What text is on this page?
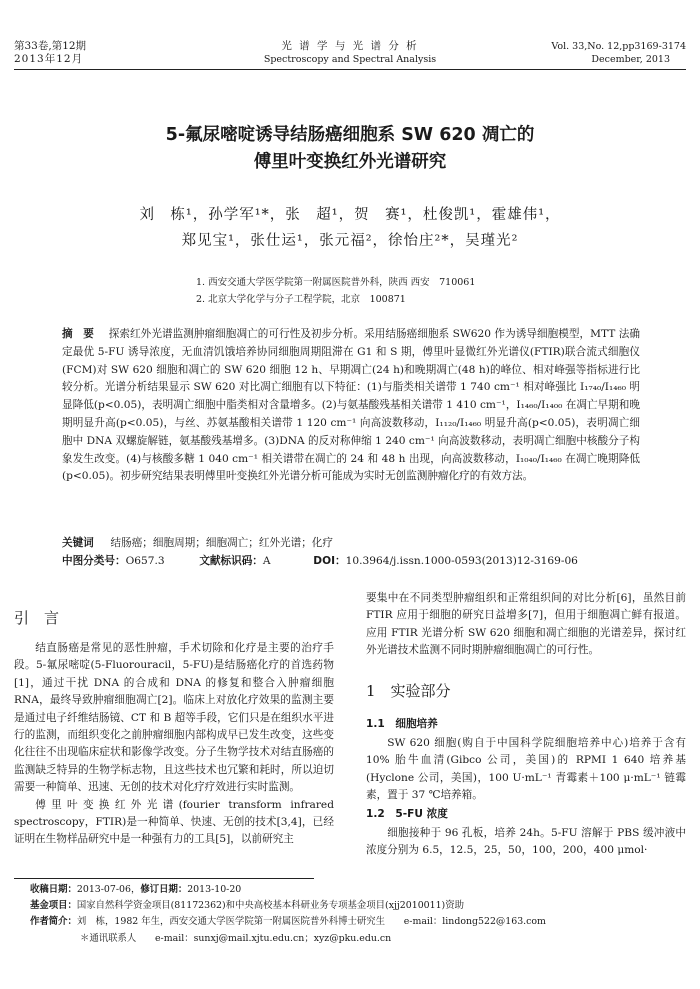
第33卷,第12期
2013年12月
光 谱 学 与 光 谱 分 析
Spectroscopy and Spectral Analysis
Vol. 33,No. 12,pp3169-3174
December, 2013
5-氟尿嘧啶诱导结肠癌细胞系 SW 620 凋亡的
傅里叶变换红外光谱研究
刘　栋¹，孙学军¹*，张　超¹，贺　赛¹，杜俊凯¹，霍雄伟¹，
郑见宝¹，张仕运¹，张元福²，徐怡庄²*，吴瑾光²
1. 西安交通大学医学院第一附属医院普外科，陕西 西安　710061
2. 北京大学化学与分子工程学院，北京　100871
摘　要 探索红外光谱监测肿瘤细胞凋亡的可行性及初步分析。采用结肠癌细胞系 SW620 作为诱导细胞模型，MTT 法确定最优 5-FU 诱导浓度，无血清饥饿培养协同细胞周期阻滞在 G1 和 S 期，傅里叶显微红外光谱仪(FTIR)联合流式细胞仪(FCM)对 SW 620 细胞和凋亡的 SW 620 细胞 12 h、早期凋亡(24 h)和晚期凋亡(48 h)的峰位、相对峰强等指标进行比较分析。光谱分析结果显示 SW 620 对比凋亡细胞有以下特征：(1)与脂类相关谱带 1 740 cm⁻¹ 相对峰强比 I₁₇₄₀/I₁₄₆₀ 明显降低(p<0.05)，表明凋亡细胞中脂类相对含量增多。(2)与氨基酸残基相关谱带 1 410 cm⁻¹，I₁₄₆₀/I₁₄₀₀ 在凋亡早期和晚期明显升高(p<0.05)，与丝、苏氨基酸相关谱带 1 120 cm⁻¹ 向高波数移动，I₁₁₂₀/I₁₄₆₀ 明显升高(p<0.05)，表明凋亡细胞中 DNA 双螺旋解链，氨基酸残基增多。(3)DNA 的反对称伸缩 1 240 cm⁻¹ 向高波数移动，表明凋亡细胞中核酸分子构象发生改变。(4)与核酸多糖 1 040 cm⁻¹ 相关谱带在凋亡的 24 和 48 h 出现，向高波数移动，I₁₀₄₀/I₁₄₆₀ 在凋亡晚期降低(p<0.05)。初步研究结果表明傅里叶变换红外光谱分析可能成为实时无创监测肿瘤化疗的有效方法。
关键词 结肠癌；细胞周期；细胞凋亡；红外光谱；化疗
中图分类号：O657.3	文献标识码：A	DOI：10.3964/j.issn.1000-0593(2013)12-3169-06
引　言

结直肠癌是常见的恶性肿瘤，手术切除和化疗是主要的治疗手段。5-氟尿嘧啶(5-Fluorouracil，5-FU)是结肠癌化疗的首选药物[1]，通过干扰 DNA 的合成和 DNA 的修复和整合入肿瘤细胞 RNA，最终导致肿瘤细胞凋亡[2]。临床上对放化疗效果的监测主要是通过电子纤维结肠镜、CT 和 B 超等手段，它们只是在组织水平进行的监测，而组织变化之前肿瘤细胞内部构成早已发生改变，这些变化往往不出现临床症状和影像学改变。分子生物学技术对结直肠癌的监测缺乏特异的生物学标志物，且这些技术也冗繁和耗时，所以迫切需要一种简单、迅速、无创的技术对化疗疗效进行实时监测。

傅里叶变换红外光谱(fourier transform infrared spectroscopy，FTIR)是一种简单、快速、无创的技术[3,4]，已经证明在生物样品研究中是一种强有力的工具[5]，以前研究主

要集中在不同类型肿瘤组织和正常组织间的对比分析[6]，虽然目前 FTIR 应用于细胞的研究日益增多[7]，但用于细胞凋亡鲜有报道。应用 FTIR 光谱分析 SW 620 细胞和凋亡细胞的光谱差异，探讨红外光谱技术监测不同时期肿瘤细胞凋亡的可行性。

1　实验部分
1.1　细胞培养

SW 620 细胞(购自于中国科学院细胞培养中心)培养于含有 10% 胎牛血清(Gibco 公司，美国)的 RPMI 1 640 培养基(Hyclone 公司，美国)，100 U·mL⁻¹ 青霉素＋100 μ·mL⁻¹ 链霉素，置于 37 ℃培养箱。

1.2　5-FU 浓度

细胞接种于 96 孔板，培养 24h。5-FU 溶解于 PBS 缓冲液中浓度分别为 6.5，12.5，25，50，100，200，400 μmol·

收稿日期：2013-07-06，修订日期：2013-10-20
基金项目：国家自然科学资金项目(81172362)和中央高校基本科研业务专项基金项目(xjj2010011)资助
作者简介：刘　栋，1982 年生，西安交通大学医学院第一附属医院普外科博士研究生　　e-mail：lindong522@163.com
＊通讯联系人　　e-mail：sunxj@mail.xjtu.edu.cn；xyz@pku.edu.cn
